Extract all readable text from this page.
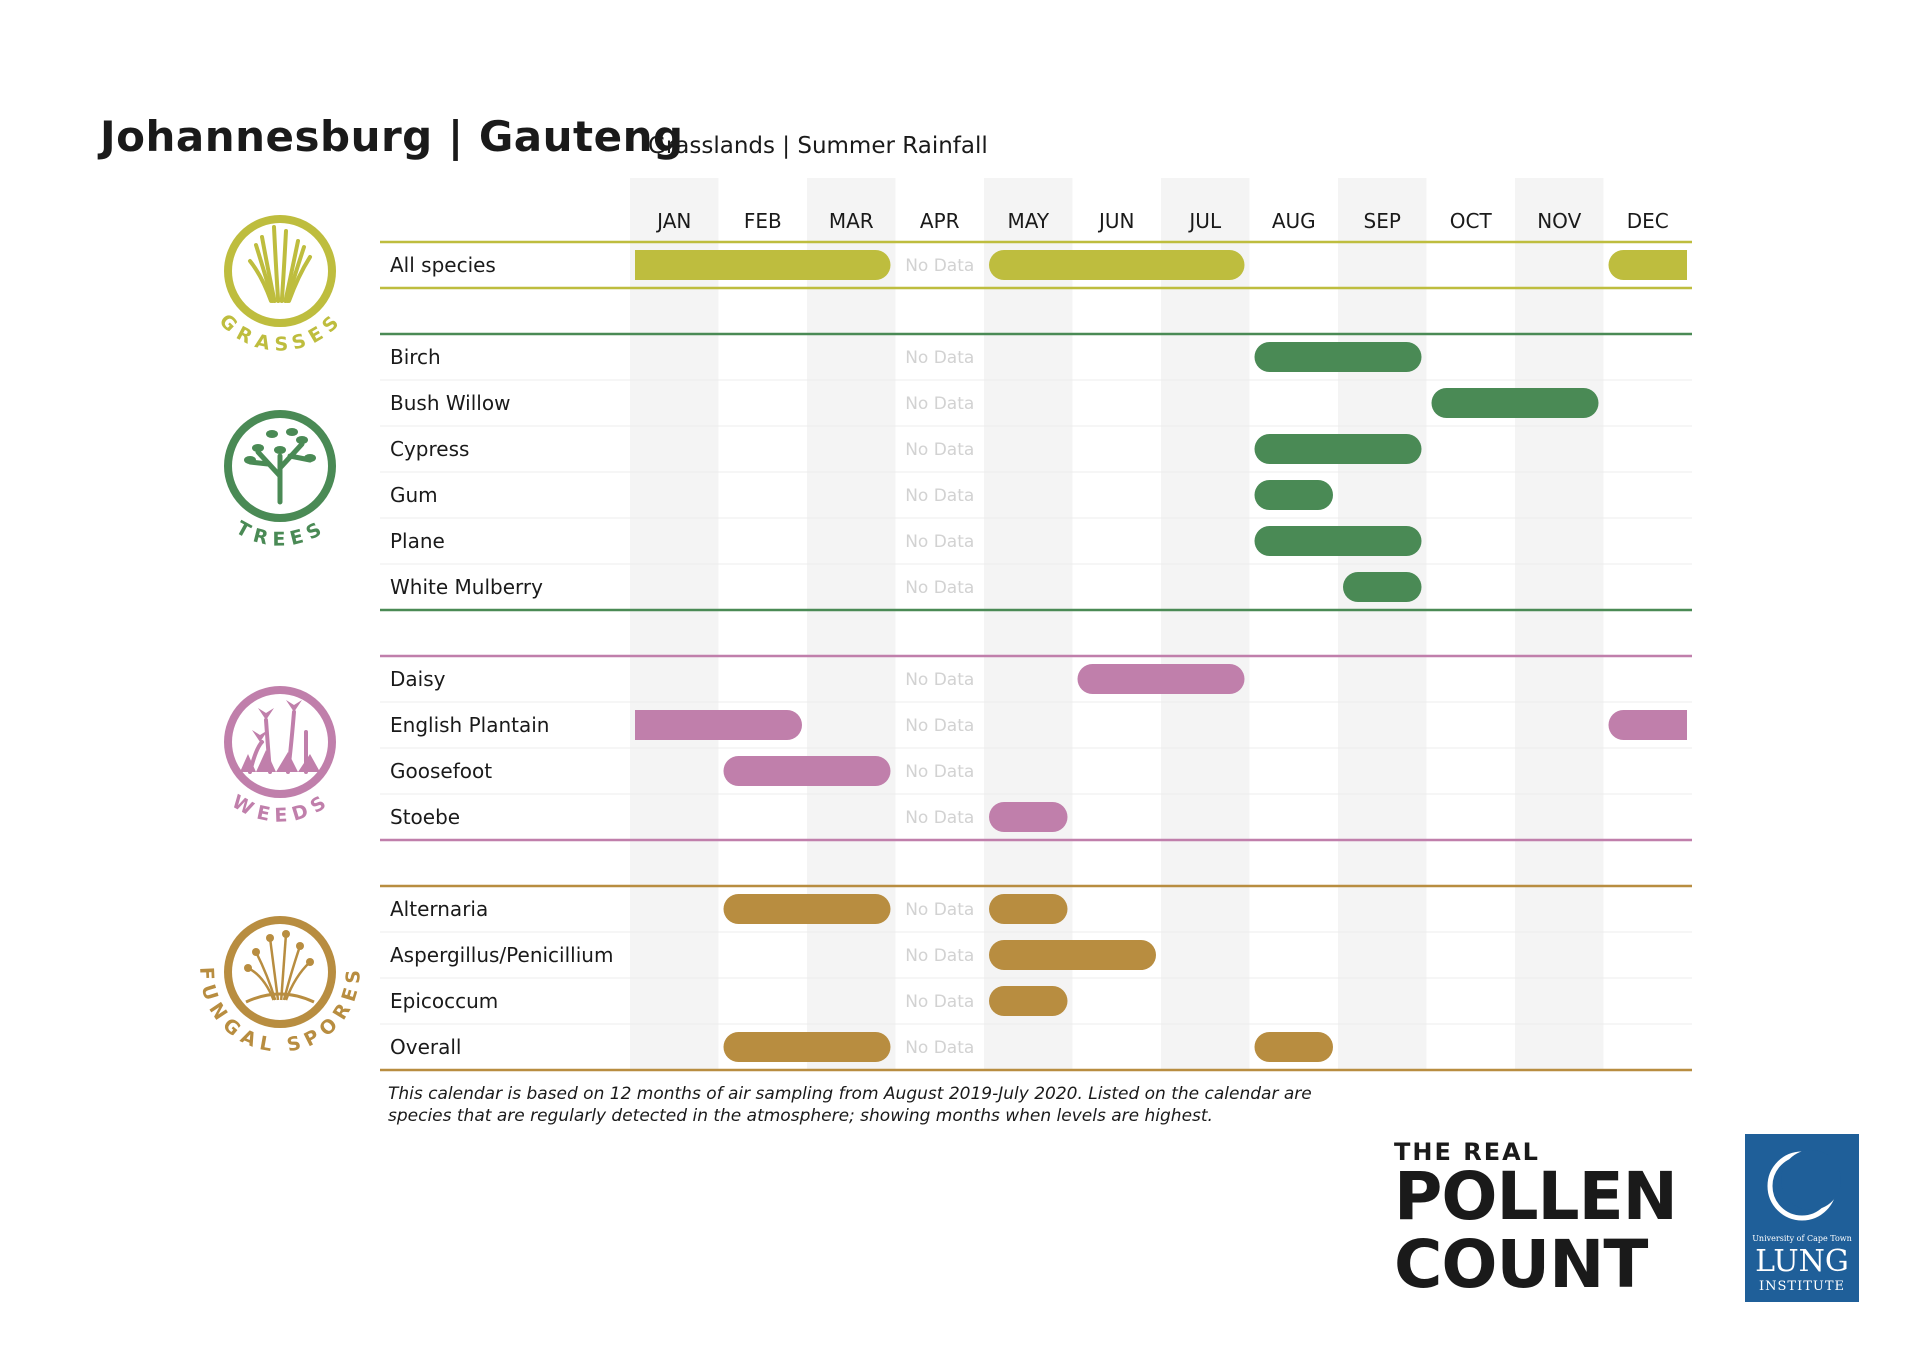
Johannesburg | Gauteng
Grasslands | Summer Rainfall
JAN	FEB MAR APR MAY JUN	JUL	AUG SEP OCT NOV DEC
All species	No Data
Birch	No Data
Bush Willow	No Data
Cypress	No Data
Gum	No Data
Plane	No Data
White Mulberry	No Data
Daisy	No Data
English Plantain	No Data
Goosefoot	No Data
Stoebe	No Data
Alternaria	No Data
Aspergillus/Penicillium	No Data
Epicoccum	No Data
Overall	No Data
GRASSES
TREES
WEEDS
FUNGAL SPORES
This calendar is based on 12 months of air sampling from August 2019-July 2020. Listed on the calendar are species that are regularly detected in the atmosphere; showing months when levels are highest.
THE REAL
POLLEN
COUNT	University of Cape Town
LUNG
INSTITUTE
